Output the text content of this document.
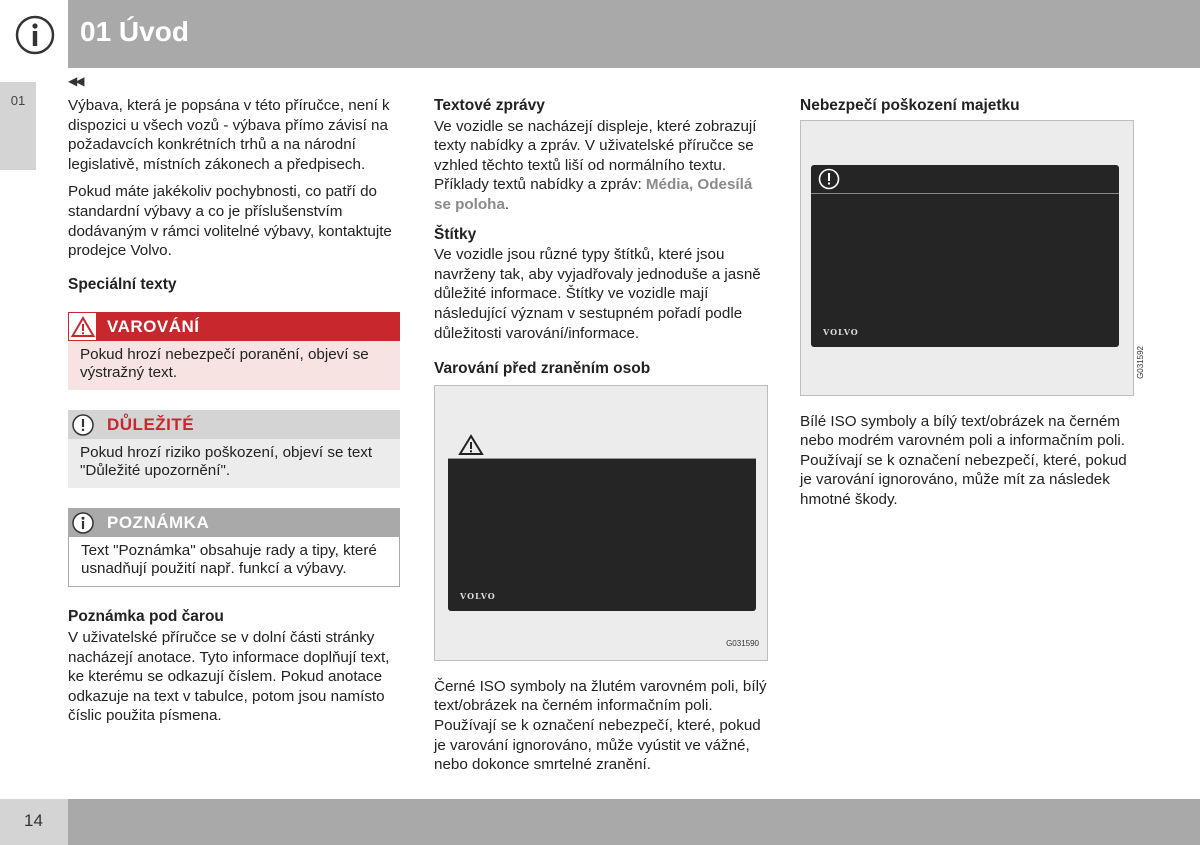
01 Úvod
01
◀◀
14

Výbava, která je popsána v této příručce, není k dispozici u všech vozů - výbava přímo závisí na požadavcích konkrétních trhů a na národní legislativě, místních zákonech a předpisech.

Pokud máte jakékoliv pochybnosti, co patří do standardní výbavy a co je příslušenstvím dodávaným v rámci volitelné výbavy, kontaktujte prodejce Volvo.

Speciální texty
VAROVÁNÍ
Pokud hrozí nebezpečí poranění, objeví se výstražný text.
DŮLEŽITÉ
Pokud hrozí riziko poškození, objeví se text "Důležité upozornění".
POZNÁMKA
Text "Poznámka" obsahuje rady a tipy, které usnadňují použití např. funkcí a výbavy.
Poznámka pod čarou

V uživatelské příručce se v dolní části stránky nacházejí anotace. Tyto informace doplňují text, ke kterému se odkazují číslem. Pokud anotace odkazuje na text v tabulce, potom jsou namísto číslic použita písmena.

Textové zprávy

Ve vozidle se nacházejí displeje, které zobrazují texty nabídky a zpráv. V uživatelské příručce se vzhled těchto textů liší od normálního textu. Příklady textů nabídky a zpráv: Média, Odesílá se poloha.

Štítky

Ve vozidle jsou různé typy štítků, které jsou navrženy tak, aby vyjadřovaly jednoduše a jasně důležité informace. Štítky ve vozidle mají následující význam v sestupném pořadí podle důležitosti varování/informace.

Varování před zraněním osob
VOLVO
G031590

Černé ISO symboly na žlutém varovném poli, bílý text/obrázek na černém informačním poli. Používají se k označení nebezpečí, které, pokud je varování ignorováno, může vyústit ve vážné, nebo dokonce smrtelné zranění.

Nebezpečí poškození majetku
VOLVO
G031592

Bílé ISO symboly a bílý text/obrázek na černém nebo modrém varovném poli a informačním poli. Používají se k označení nebezpečí, které, pokud je varování ignorováno, může mít za následek hmotné škody.
